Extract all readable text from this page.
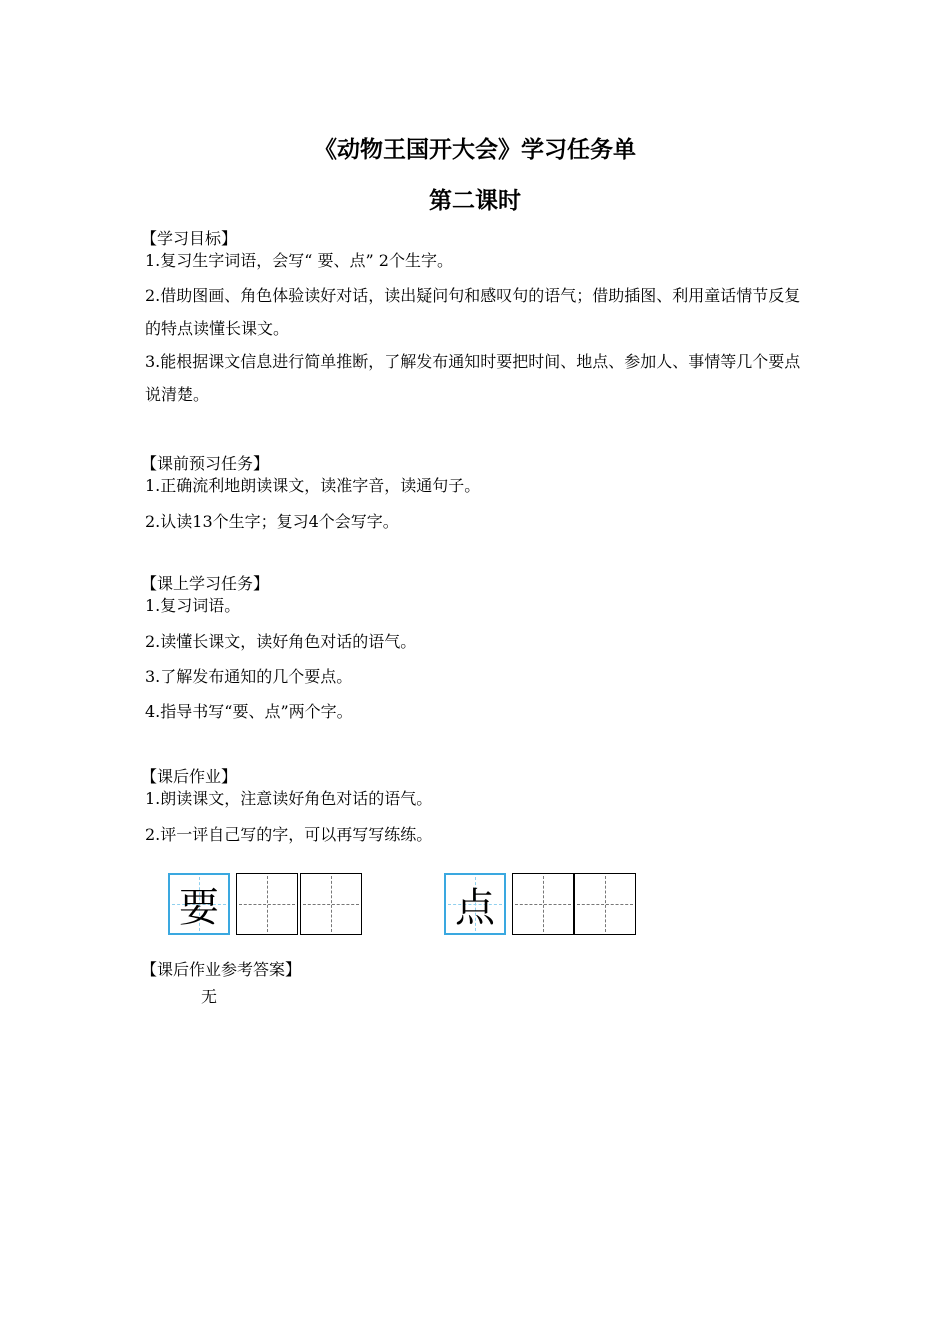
《动物王国开大会》学习任务单
第二课时
【学习目标】
1.复习生字词语，会写“ 要、点” 2个生字。
2.借助图画、角色体验读好对话，读出疑问句和感叹句的语气；借助插图、利用童话情节反复的特点读懂长课文。
3.能根据课文信息进行简单推断，了解发布通知时要把时间、地点、参加人、事情等几个要点说清楚。
【课前预习任务】
1.正确流利地朗读课文，读准字音，读通句子。
2.认读13个生字；复习4个会写字。
【课上学习任务】
1.复习词语。
2.读懂长课文，读好角色对话的语气。
3.了解发布通知的几个要点。
4.指导书写“要、点”两个字。
【课后作业】
1.朗读课文，注意读好角色对话的语气。
2.评一评自己写的字，可以再写写练练。
要	点
【课后作业参考答案】
无
